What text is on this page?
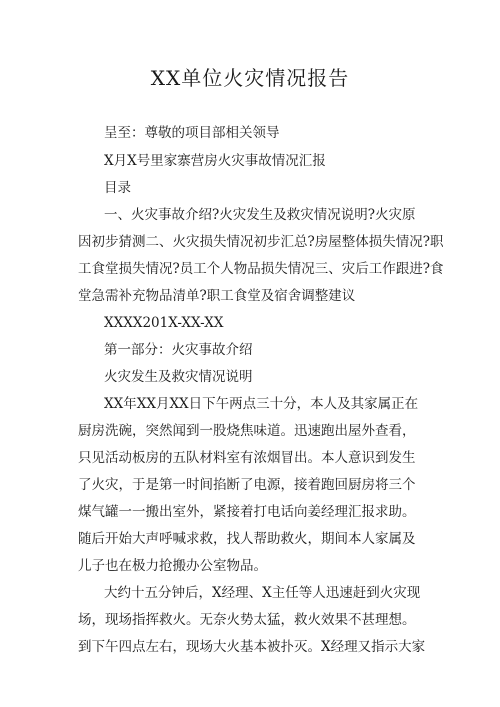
XX单位火灾情况报告
呈至：尊敬的项目部相关领导
X月X号里家寨营房火灾事故情况汇报
目录
一、火灾事故介绍?火灾发生及救灾情况说明?火灾原
因初步猜测二、火灾损失情况初步汇总?房屋整体损失情况?职
工食堂损失情况?员工个人物品损失情况三、灾后工作跟进?食
堂急需补充物品清单?职工食堂及宿舍调整建议
XXXX201X-XX-XX
第一部分：火灾事故介绍
火灾发生及救灾情况说明
XX年XX月XX日下午两点三十分，本人及其家属正在
厨房洗碗，突然闻到一股烧焦味道。迅速跑出屋外查看，
只见活动板房的五队材料室有浓烟冒出。本人意识到发生
了火灾，于是第一时间掐断了电源，接着跑回厨房将三个
煤气罐一一搬出室外，紧接着打电话向姜经理汇报求助。
随后开始大声呼喊求救，找人帮助救火，期间本人家属及
儿子也在极力抢搬办公室物品。
大约十五分钟后，X经理、X主任等人迅速赶到火灾现
场，现场指挥救火。无奈火势太猛，救火效果不甚理想。
到下午四点左右，现场大火基本被扑灭。X经理又指示大家
